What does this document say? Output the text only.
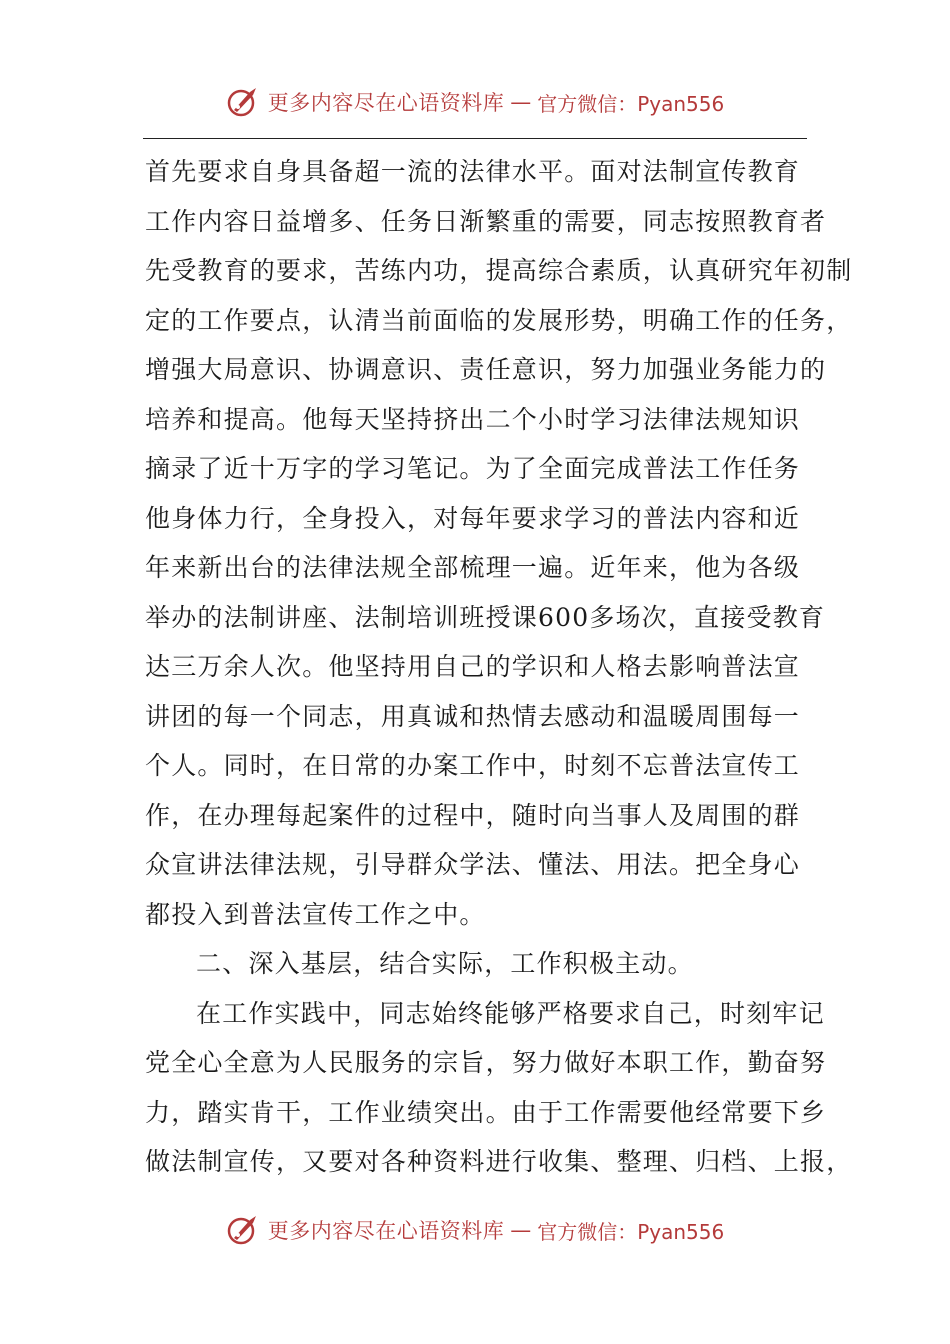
更多内容尽在心语资料库 — 官方微信：Pyan556
首先要求自身具备超一流的法律水平。面对法制宣传教育
工作内容日益增多、任务日渐繁重的需要，同志按照教育者
先受教育的要求，苦练内功，提高综合素质，认真研究年初制
定的工作要点，认清当前面临的发展形势，明确工作的任务，
增强大局意识、协调意识、责任意识，努力加强业务能力的
培养和提高。他每天坚持挤出二个小时学习法律法规知识
摘录了近十万字的学习笔记。为了全面完成普法工作任务
他身体力行，全身投入，对每年要求学习的普法内容和近
年来新出台的法律法规全部梳理一遍。近年来，他为各级
举办的法制讲座、法制培训班授课600多场次，直接受教育
达三万余人次。他坚持用自己的学识和人格去影响普法宣
讲团的每一个同志，用真诚和热情去感动和温暖周围每一
个人。同时，在日常的办案工作中，时刻不忘普法宣传工
作，在办理每起案件的过程中，随时向当事人及周围的群
众宣讲法律法规，引导群众学法、懂法、用法。把全身心
都投入到普法宣传工作之中。
二、深入基层，结合实际，工作积极主动。
在工作实践中，同志始终能够严格要求自己，时刻牢记
党全心全意为人民服务的宗旨，努力做好本职工作，勤奋努
力，踏实肯干，工作业绩突出。由于工作需要他经常要下乡
做法制宣传，又要对各种资料进行收集、整理、归档、上报，
更多内容尽在心语资料库 — 官方微信：Pyan556
